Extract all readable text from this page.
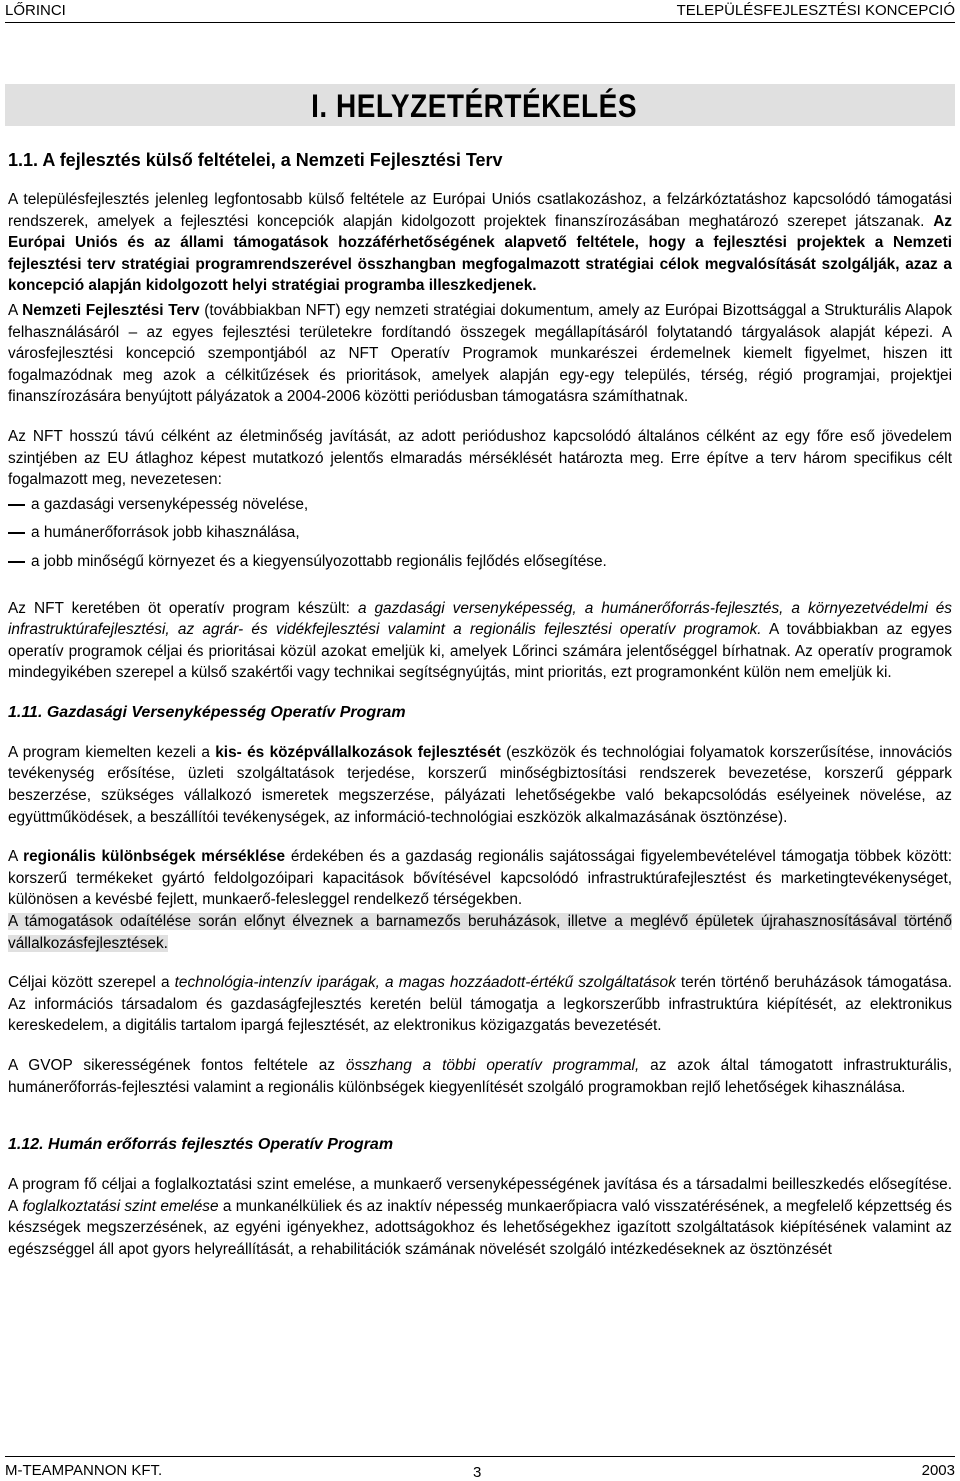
LŐRINCI	TELEPÜLÉSFEJLESZTÉSI KONCEPCIÓ
I. HELYZETÉRTÉKELÉS
1.1. A fejlesztés külső feltételei, a Nemzeti Fejlesztési Terv

A településfejlesztés jelenleg legfontosabb külső feltétele az Európai Uniós csatlakozáshoz, a felzárkóztatáshoz kapcsolódó támogatási rendszerek, amelyek a fejlesztési koncepciók alapján kidolgozott projektek finanszírozásában meghatározó szerepet játszanak. Az Európai Uniós és az állami támogatások hozzáférhetőségének alapvető feltétele, hogy a fejlesztési projektek a Nemzeti fejlesztési terv stratégiai programrendszerével összhangban megfogalmazott stratégiai célok megvalósítását szolgálják, azaz a koncepció alapján kidolgozott helyi stratégiai programba illeszkedjenek.

A Nemzeti Fejlesztési Terv (továbbiakban NFT) egy nemzeti stratégiai dokumentum, amely az Európai Bizottsággal a Strukturális Alapok felhasználásáról – az egyes fejlesztési területekre fordítandó összegek megállapításáról folytatandó tárgyalások alapját képezi. A városfejlesztési koncepció szempontjából az NFT Operatív Programok munkarészei érdemelnek kiemelt figyelmet, hiszen itt fogalmazódnak meg azok a célkitűzések és prioritások, amelyek alapján egy-egy település, térség, régió programjai, projektjei finanszírozására benyújtott pályázatok a 2004-2006 közötti periódusban támogatásra számíthatnak.

Az NFT hosszú távú célként az életminőség javítását, az adott periódushoz kapcsolódó általános célként az egy főre eső jövedelem szintjében az EU átlaghoz képest mutatkozó jelentős elmaradás mérséklését határozta meg. Erre építve a terv három specifikus célt fogalmazott meg, nevezetesen:

a gazdasági versenyképesség növelése,
a humánerőforrások jobb kihasználása,
a jobb minőségű környezet és a kiegyensúlyozottabb regionális fejlődés elősegítése.

Az NFT keretében öt operatív program készült: a gazdasági versenyképesség, a humánerőforrás-fejlesztés, a környezetvédelmi és infrastruktúrafejlesztési, az agrár- és vidékfejlesztési valamint a regionális fejlesztési operatív programok. A továbbiakban az egyes operatív programok céljai és prioritásai közül azokat emeljük ki, amelyek Lőrinci számára jelentőséggel bírhatnak. Az operatív programok mindegyikében szerepel a külső szakértői vagy technikai segítségnyújtás, mint prioritás, ezt programonként külön nem emeljük ki.

1.11. Gazdasági Versenyképesség Operatív Program

A program kiemelten kezeli a kis- és középvállalkozások fejlesztését (eszközök és technológiai folyamatok korszerűsítése, innovációs tevékenység erősítése, üzleti szolgáltatások terjedése, korszerű minőségbiztosítási rendszerek bevezetése, korszerű géppark beszerzése, szükséges vállalkozó ismeretek megszerzése, pályázati lehetőségekbe való bekapcsolódás esélyeinek növelése, az együttműködések, a beszállítói tevékenységek, az információ-technológiai eszközök alkalmazásának ösztönzése).

A regionális különbségek mérséklése érdekében és a gazdaság regionális sajátosságai figyelembevételével támogatja többek között: korszerű termékeket gyártó feldolgozóipari kapacitások bővítésével kapcsolódó infrastruktúrafejlesztést és marketingtevékenységet, különösen a kevésbé fejlett, munkaerő-felesleggel rendelkező térségekben.

A támogatások odaítélése során előnyt élveznek a barnamezős beruházások, illetve a meglévő épületek újrahasznosításával történő vállalkozásfejlesztések.

Céljai között szerepel a technológia-intenzív iparágak, a magas hozzáadott-értékű szolgáltatások terén történő beruházások támogatása. Az információs társadalom és gazdaságfejlesztés keretén belül támogatja a legkorszerűbb infrastruktúra kiépítését, az elektronikus kereskedelem, a digitális tartalom ipargá fejlesztését, az elektronikus közigazgatás bevezetését.

A GVOP sikerességének fontos feltétele az összhang a többi operatív programmal, az azok által támogatott infrastrukturális, humánerőforrás-fejlesztési valamint a regionális különbségek kiegyenlítését szolgáló programokban rejlő lehetőségek kihasználása.

1.12. Humán erőforrás fejlesztés Operatív Program

A program fő céljai a foglalkoztatási szint emelése, a munkaerő versenyképességének javítása és a társadalmi beilleszkedés elősegítése. A foglalkoztatási szint emelése a munkanélküliek és az inaktív népesség munkaerőpiacra való visszatérésének, a megfelelő képzettség és készségek megszerzésének, az egyéni igényekhez, adottságokhoz és lehetőségekhez igazított szolgáltatások kiépítésének valamint az egészséggel áll apot gyors helyreállítását, a rehabilitációk számának növelését szolgáló intézkedéseknek az ösztönzését

M-TEAMPANNON KFT.	3	2003
